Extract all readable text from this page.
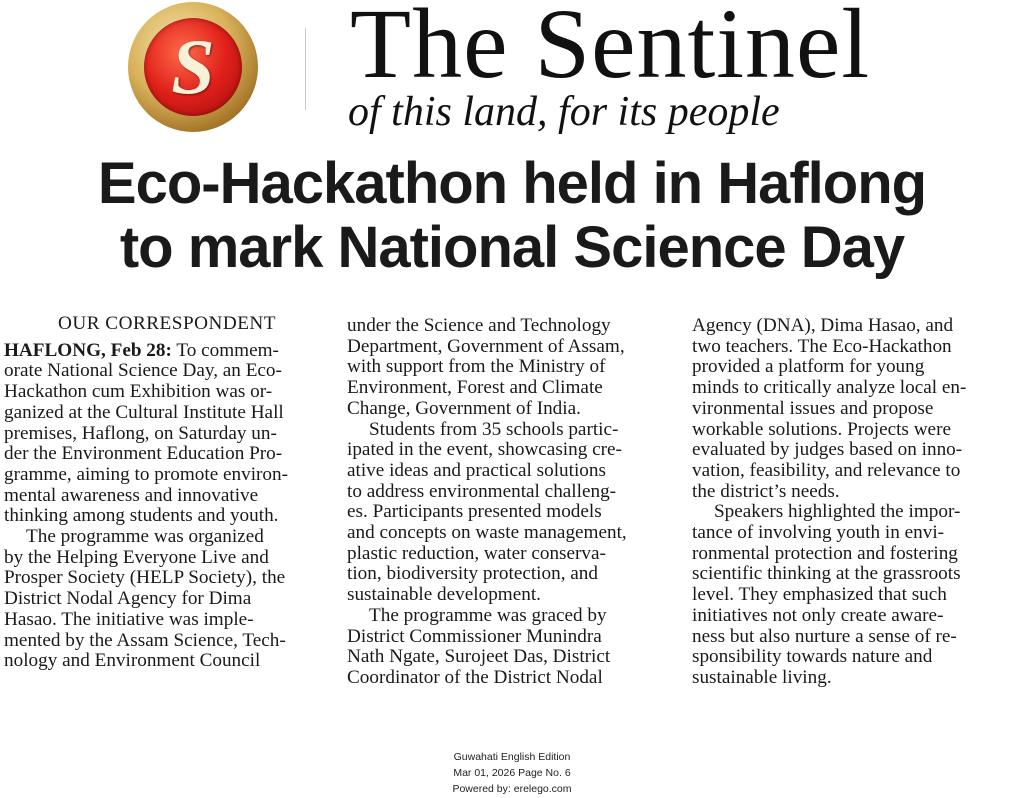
S The Sentinel
of this land, for its people
Eco-Hackathon held in Haflong
to mark National Science Day
OUR CORRESPONDENT
HAFLONG, Feb 28: To commem-
orate National Science Day, an Eco-
Hackathon cum Exhibition was or-
ganized at the Cultural Institute Hall
premises, Haflong, on Saturday un-
der the Environment Education Pro-
gramme, aiming to promote environ-
mental awareness and innovative
thinking among students and youth.
The programme was organized
by the Helping Everyone Live and
Prosper Society (HELP Society), the
District Nodal Agency for Dima
Hasao. The initiative was imple-
mented by the Assam Science, Tech-
nology and Environment Council
under the Science and Technology
Department, Government of Assam,
with support from the Ministry of
Environment, Forest and Climate
Change, Government of India.
Students from 35 schools partic-
ipated in the event, showcasing cre-
ative ideas and practical solutions
to address environmental challeng-
es. Participants presented models
and concepts on waste management,
plastic reduction, water conserva-
tion, biodiversity protection, and
sustainable development.
The programme was graced by
District Commissioner Munindra
Nath Ngate, Surojeet Das, District
Coordinator of the District Nodal
Agency (DNA), Dima Hasao, and
two teachers. The Eco-Hackathon
provided a platform for young
minds to critically analyze local en-
vironmental issues and propose
workable solutions. Projects were
evaluated by judges based on inno-
vation, feasibility, and relevance to
the district’s needs.
Speakers highlighted the impor-
tance of involving youth in envi-
ronmental protection and fostering
scientific thinking at the grassroots
level. They emphasized that such
initiatives not only create aware-
ness but also nurture a sense of re-
sponsibility towards nature and
sustainable living.
Guwahati English Edition
Mar 01, 2026 Page No. 6
Powered by: erelego.com
